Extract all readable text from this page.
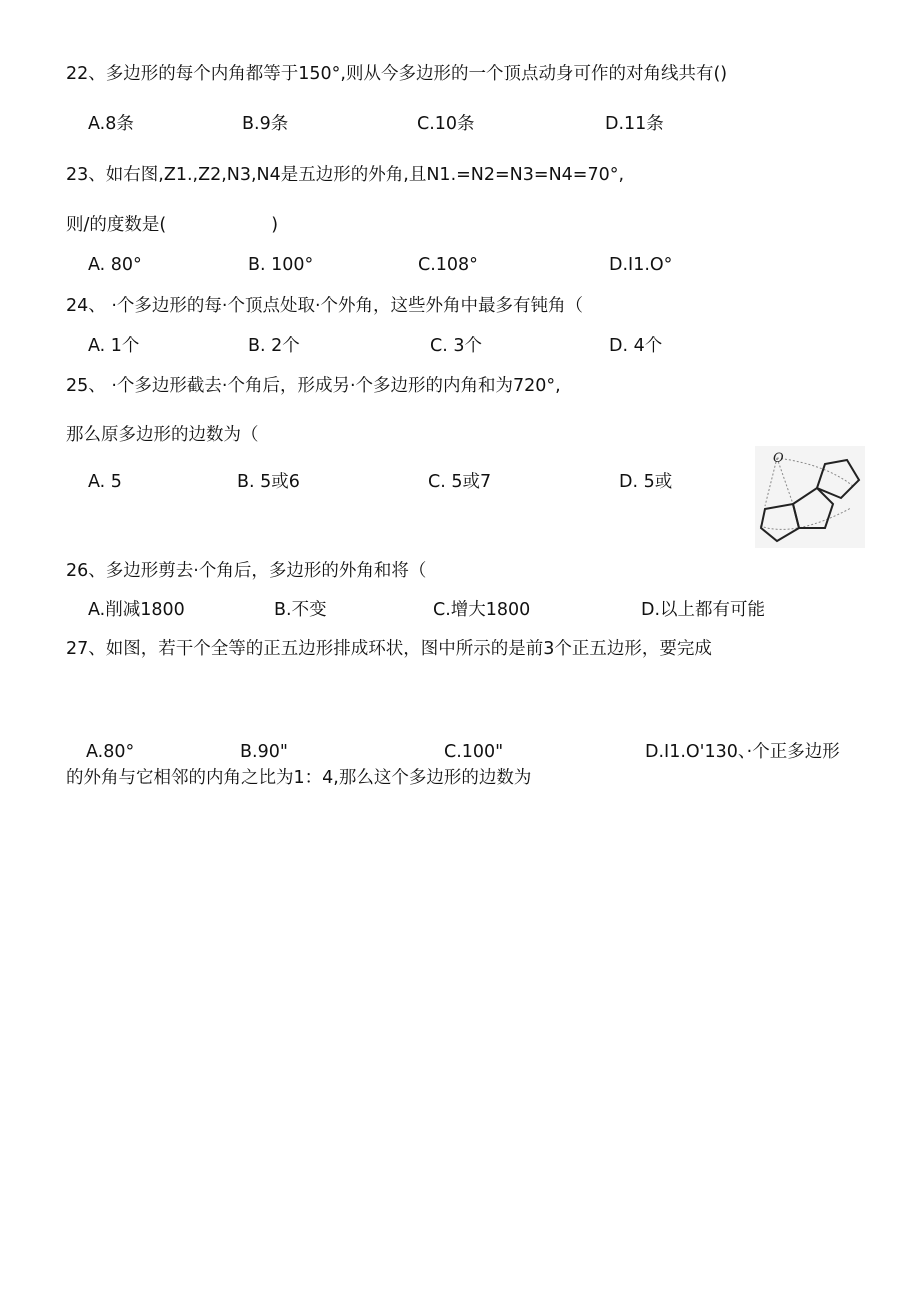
22、多边形的每个内角都等于150°,则从今多边形的一个顶点动身可作的对角线共有()
A.8条	B.9条	C.10条	D.11条
23、如右图,Z1.,Z2,N3,N4是五边形的外角,且N1.=N2=N3=N4=70°,
则/的度数是(　　　　　　)
A. 80°	B. 100°	C.108°	D.I1.O°
24、 ·个多边形的每·个顶点处取·个外角，这些外角中最多有钝角（
A. 1个	B. 2个	C. 3个	D. 4个
25、 ·个多边形截去·个角后，形成另·个多边形的内角和为720°,
那么原多边形的边数为（
A. 5	B. 5或6	C. 5或7	D. 5或
O
26、多边形剪去·个角后，多边形的外角和将（
A.削减1800	B.不变	C.增大1800	D.以上都有可能
27、如图，若干个全等的正五边形排成环状，图中所示的是前3个正五边形，要完成
A.80°	B.90"	C.100"	D.I1.O'130、·个正多边形
的外角与它相邻的内角之比为1：4,那么这个多边形的边数为
